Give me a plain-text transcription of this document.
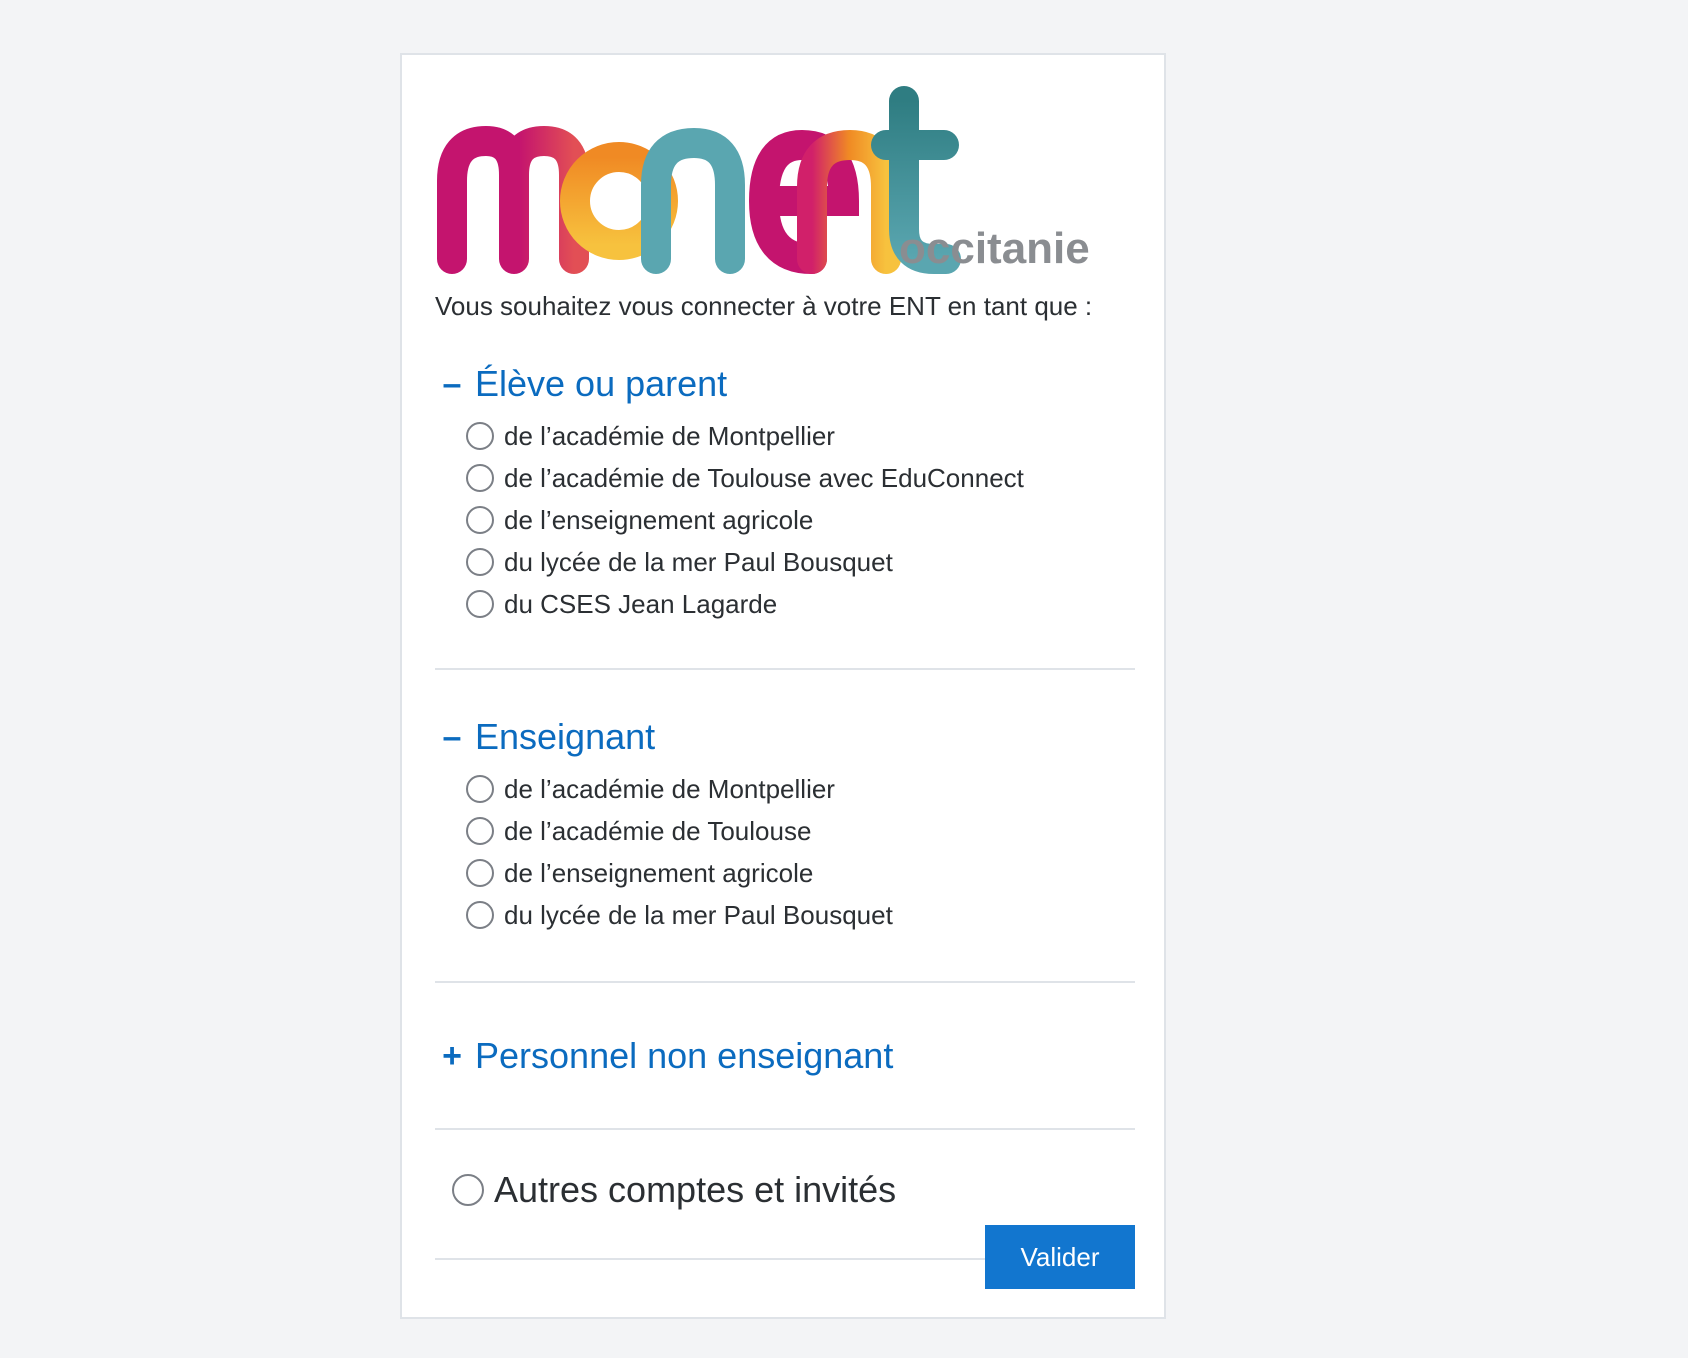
occitanie
Vous souhaitez vous connecter à votre ENT en tant que :
– Élève ou parent
de l’académie de Montpellier
de l’académie de Toulouse avec EduConnect
de l’enseignement agricole
du lycée de la mer Paul Bousquet
du CSES Jean Lagarde
– Enseignant
de l’académie de Montpellier
de l’académie de Toulouse
de l’enseignement agricole
du lycée de la mer Paul Bousquet
+ Personnel non enseignant
Autres comptes et invités
Valider
